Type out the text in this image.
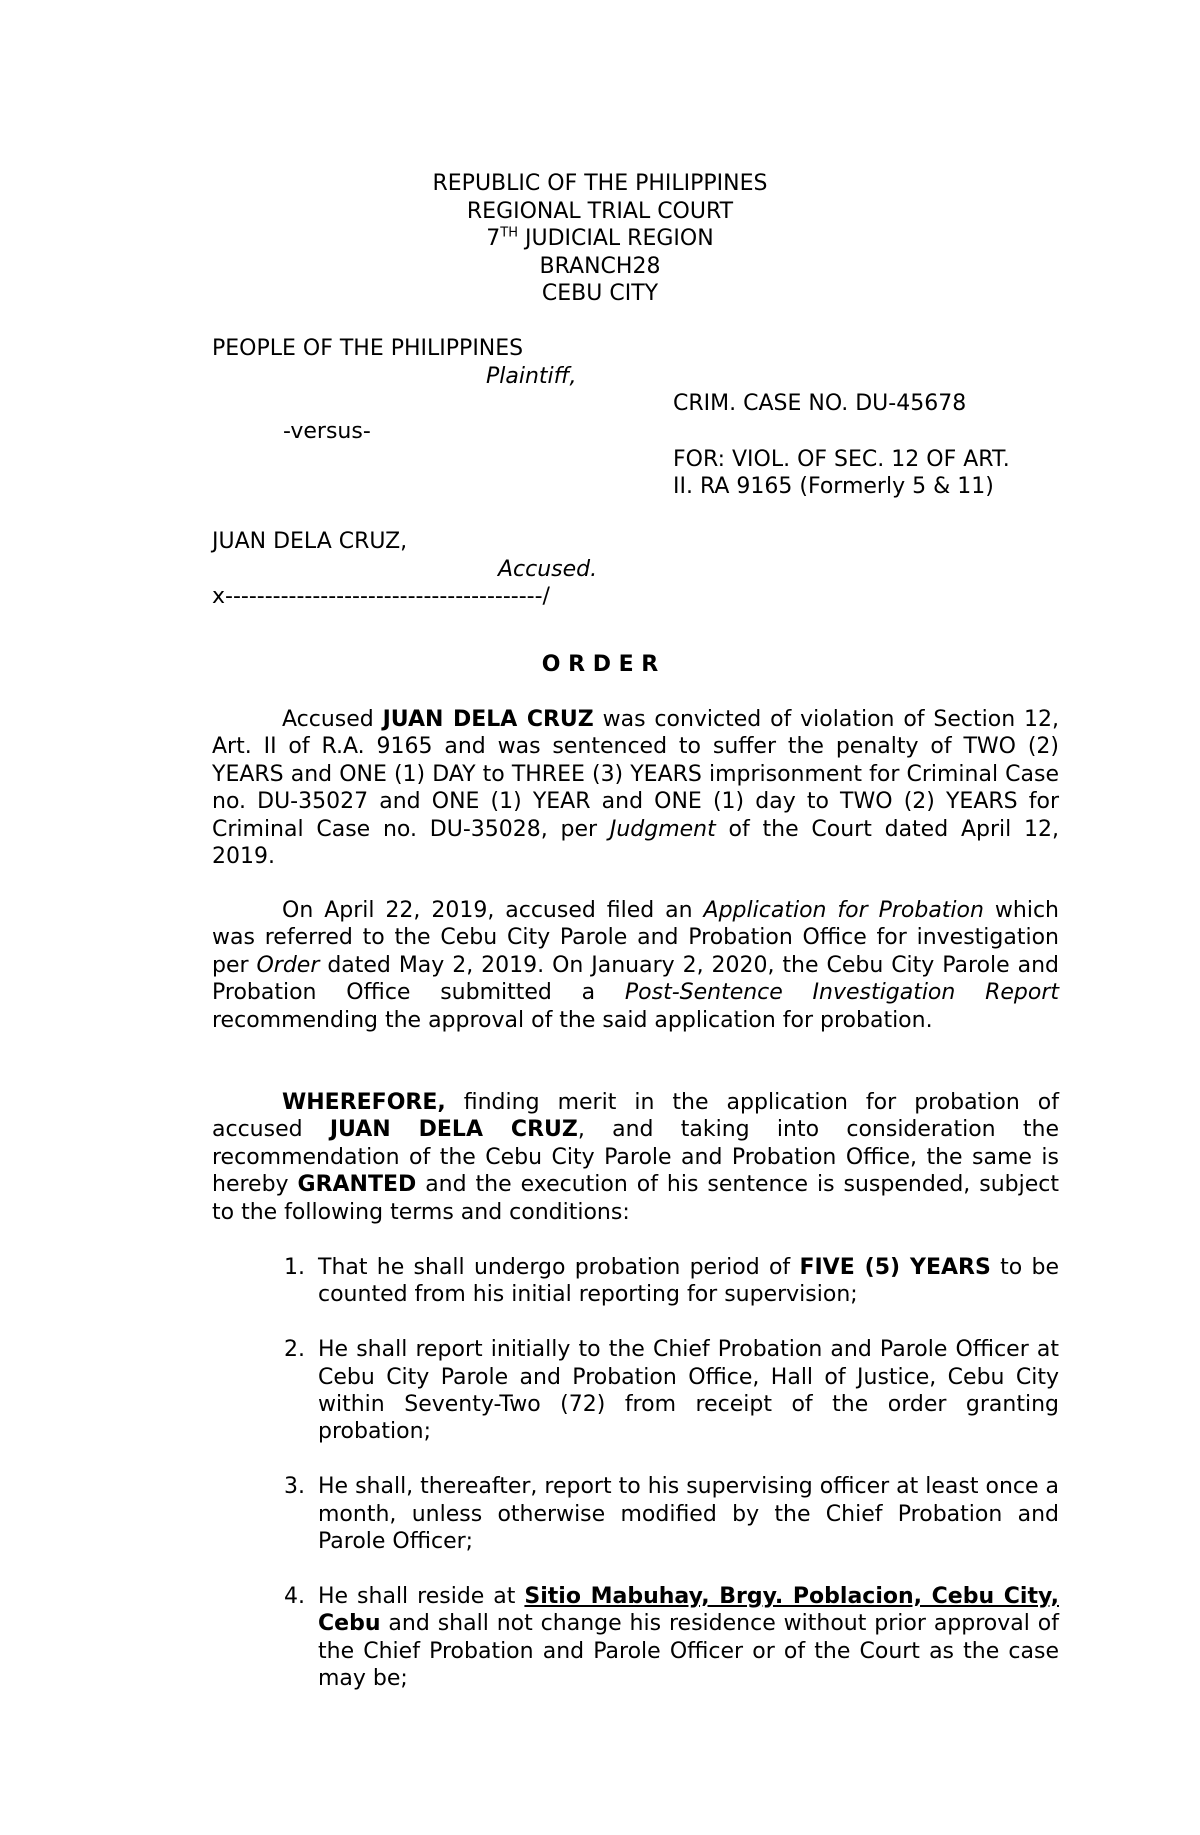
REPUBLIC OF THE PHILIPPINES
REGIONAL TRIAL COURT
7TH JUDICIAL REGION
BRANCH28
CEBU CITY
PEOPLE OF THE PHILIPPINES
Plaintiff,
-versus-
JUAN DELA CRUZ,
Accused.
x----------------------------------------/
CRIM. CASE NO. DU-45678
FOR: VIOL. OF SEC. 12 OF ART.
II. RA 9165 (Formerly 5 & 11)
O R D E R

Accused JUAN DELA CRUZ was convicted of violation of Section 12, Art. II of R.A. 9165 and was sentenced to suffer the penalty of TWO (2) YEARS and ONE (1) DAY to THREE (3) YEARS imprisonment for Criminal Case no. DU-35027 and ONE (1) YEAR and ONE (1) day to TWO (2) YEARS for Criminal Case no. DU-35028, per Judgment of the Court dated April 12, 2019.

On April 22, 2019, accused filed an Application for Probation which was referred to the Cebu City Parole and Probation Office for investigation per Order dated May 2, 2019. On January 2, 2020, the Cebu City Parole and Probation Office submitted a Post-Sentence Investigation Report recommending the approval of the said application for probation.

WHEREFORE, finding merit in the application for probation of accused JUAN DELA CRUZ, and taking into consideration the recommendation of the Cebu City Parole and Probation Office, the same is hereby GRANTED and the execution of his sentence is suspended, subject to the following terms and conditions:

1. That he shall undergo probation period of FIVE (5) YEARS to be counted from his initial reporting for supervision;
2. He shall report initially to the Chief Probation and Parole Officer at Cebu City Parole and Probation Office, Hall of Justice, Cebu City within Seventy-Two (72) from receipt of the order granting probation;
3. He shall, thereafter, report to his supervising officer at least once a month, unless otherwise modified by the Chief Probation and Parole Officer;
4. He shall reside at Sitio Mabuhay, Brgy. Poblacion, Cebu City, Cebu and shall not change his residence without prior approval of the Chief Probation and Parole Officer or of the Court as the case may be;
